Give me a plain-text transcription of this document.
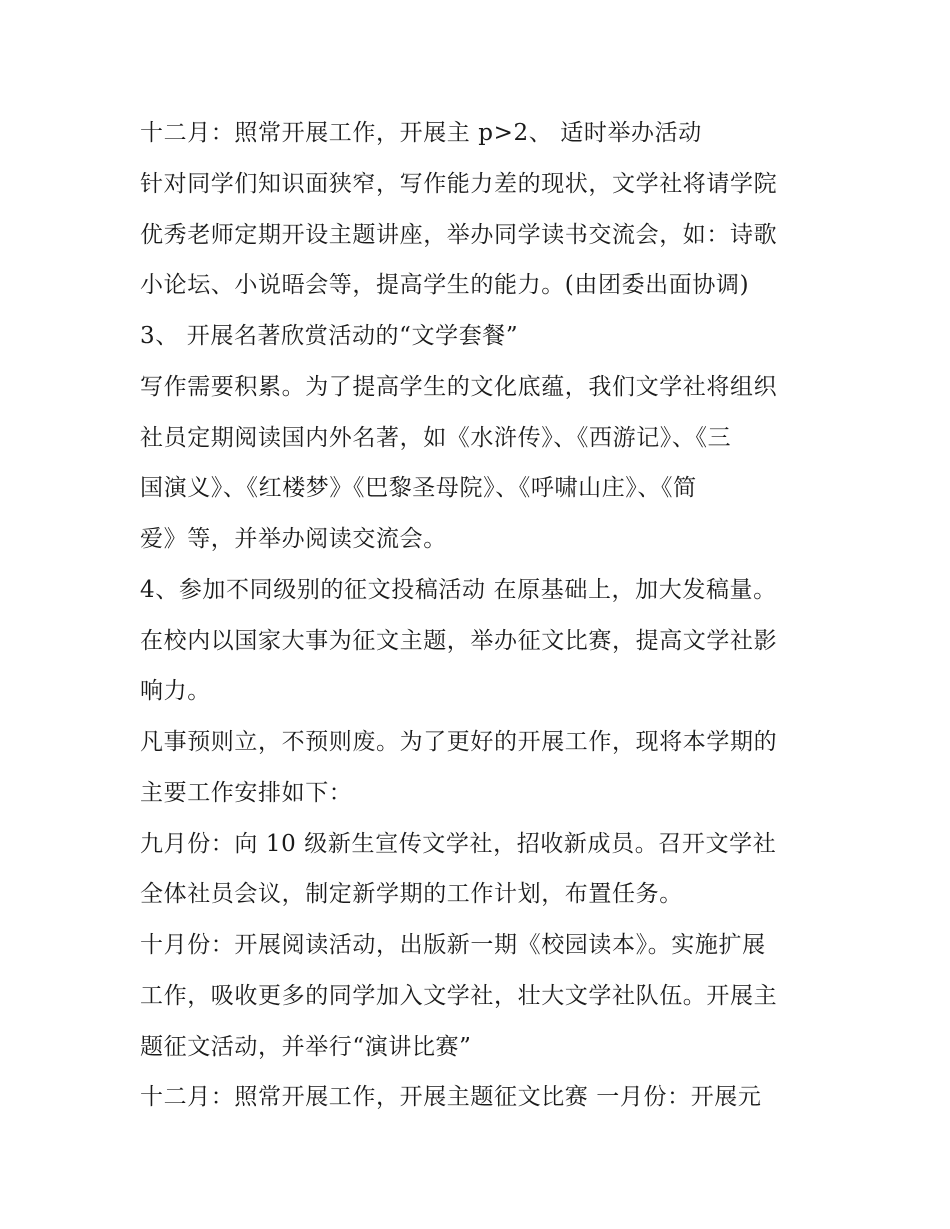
十二月：照常开展工作，开展主 p>2、 适时举办活动
针对同学们知识面狭窄，写作能力差的现状，文学社将请学院
优秀老师定期开设主题讲座，举办同学读书交流会，如：诗歌
小论坛、小说晤会等，提高学生的能力。(由团委出面协调)
3、 开展名著欣赏活动的“文学套餐”
写作需要积累。为了提高学生的文化底蕴，我们文学社将组织
社员定期阅读国内外名著，如《水浒传》、《西游记》、《三
国演义》、《红楼梦》《巴黎圣母院》、《呼啸山庄》、《简
爱》等，并举办阅读交流会。
4、参加不同级别的征文投稿活动 在原基础上，加大发稿量。
在校内以国家大事为征文主题，举办征文比赛，提高文学社影
响力。
凡事预则立，不预则废。为了更好的开展工作，现将本学期的
主要工作安排如下：
九月份：向 10 级新生宣传文学社，招收新成员。召开文学社
全体社员会议，制定新学期的工作计划，布置任务。
十月份：开展阅读活动，出版新一期《校园读本》。实施扩展
工作，吸收更多的同学加入文学社，壮大文学社队伍。开展主
题征文活动，并举行“演讲比赛”
十二月：照常开展工作，开展主题征文比赛 一月份：开展元
